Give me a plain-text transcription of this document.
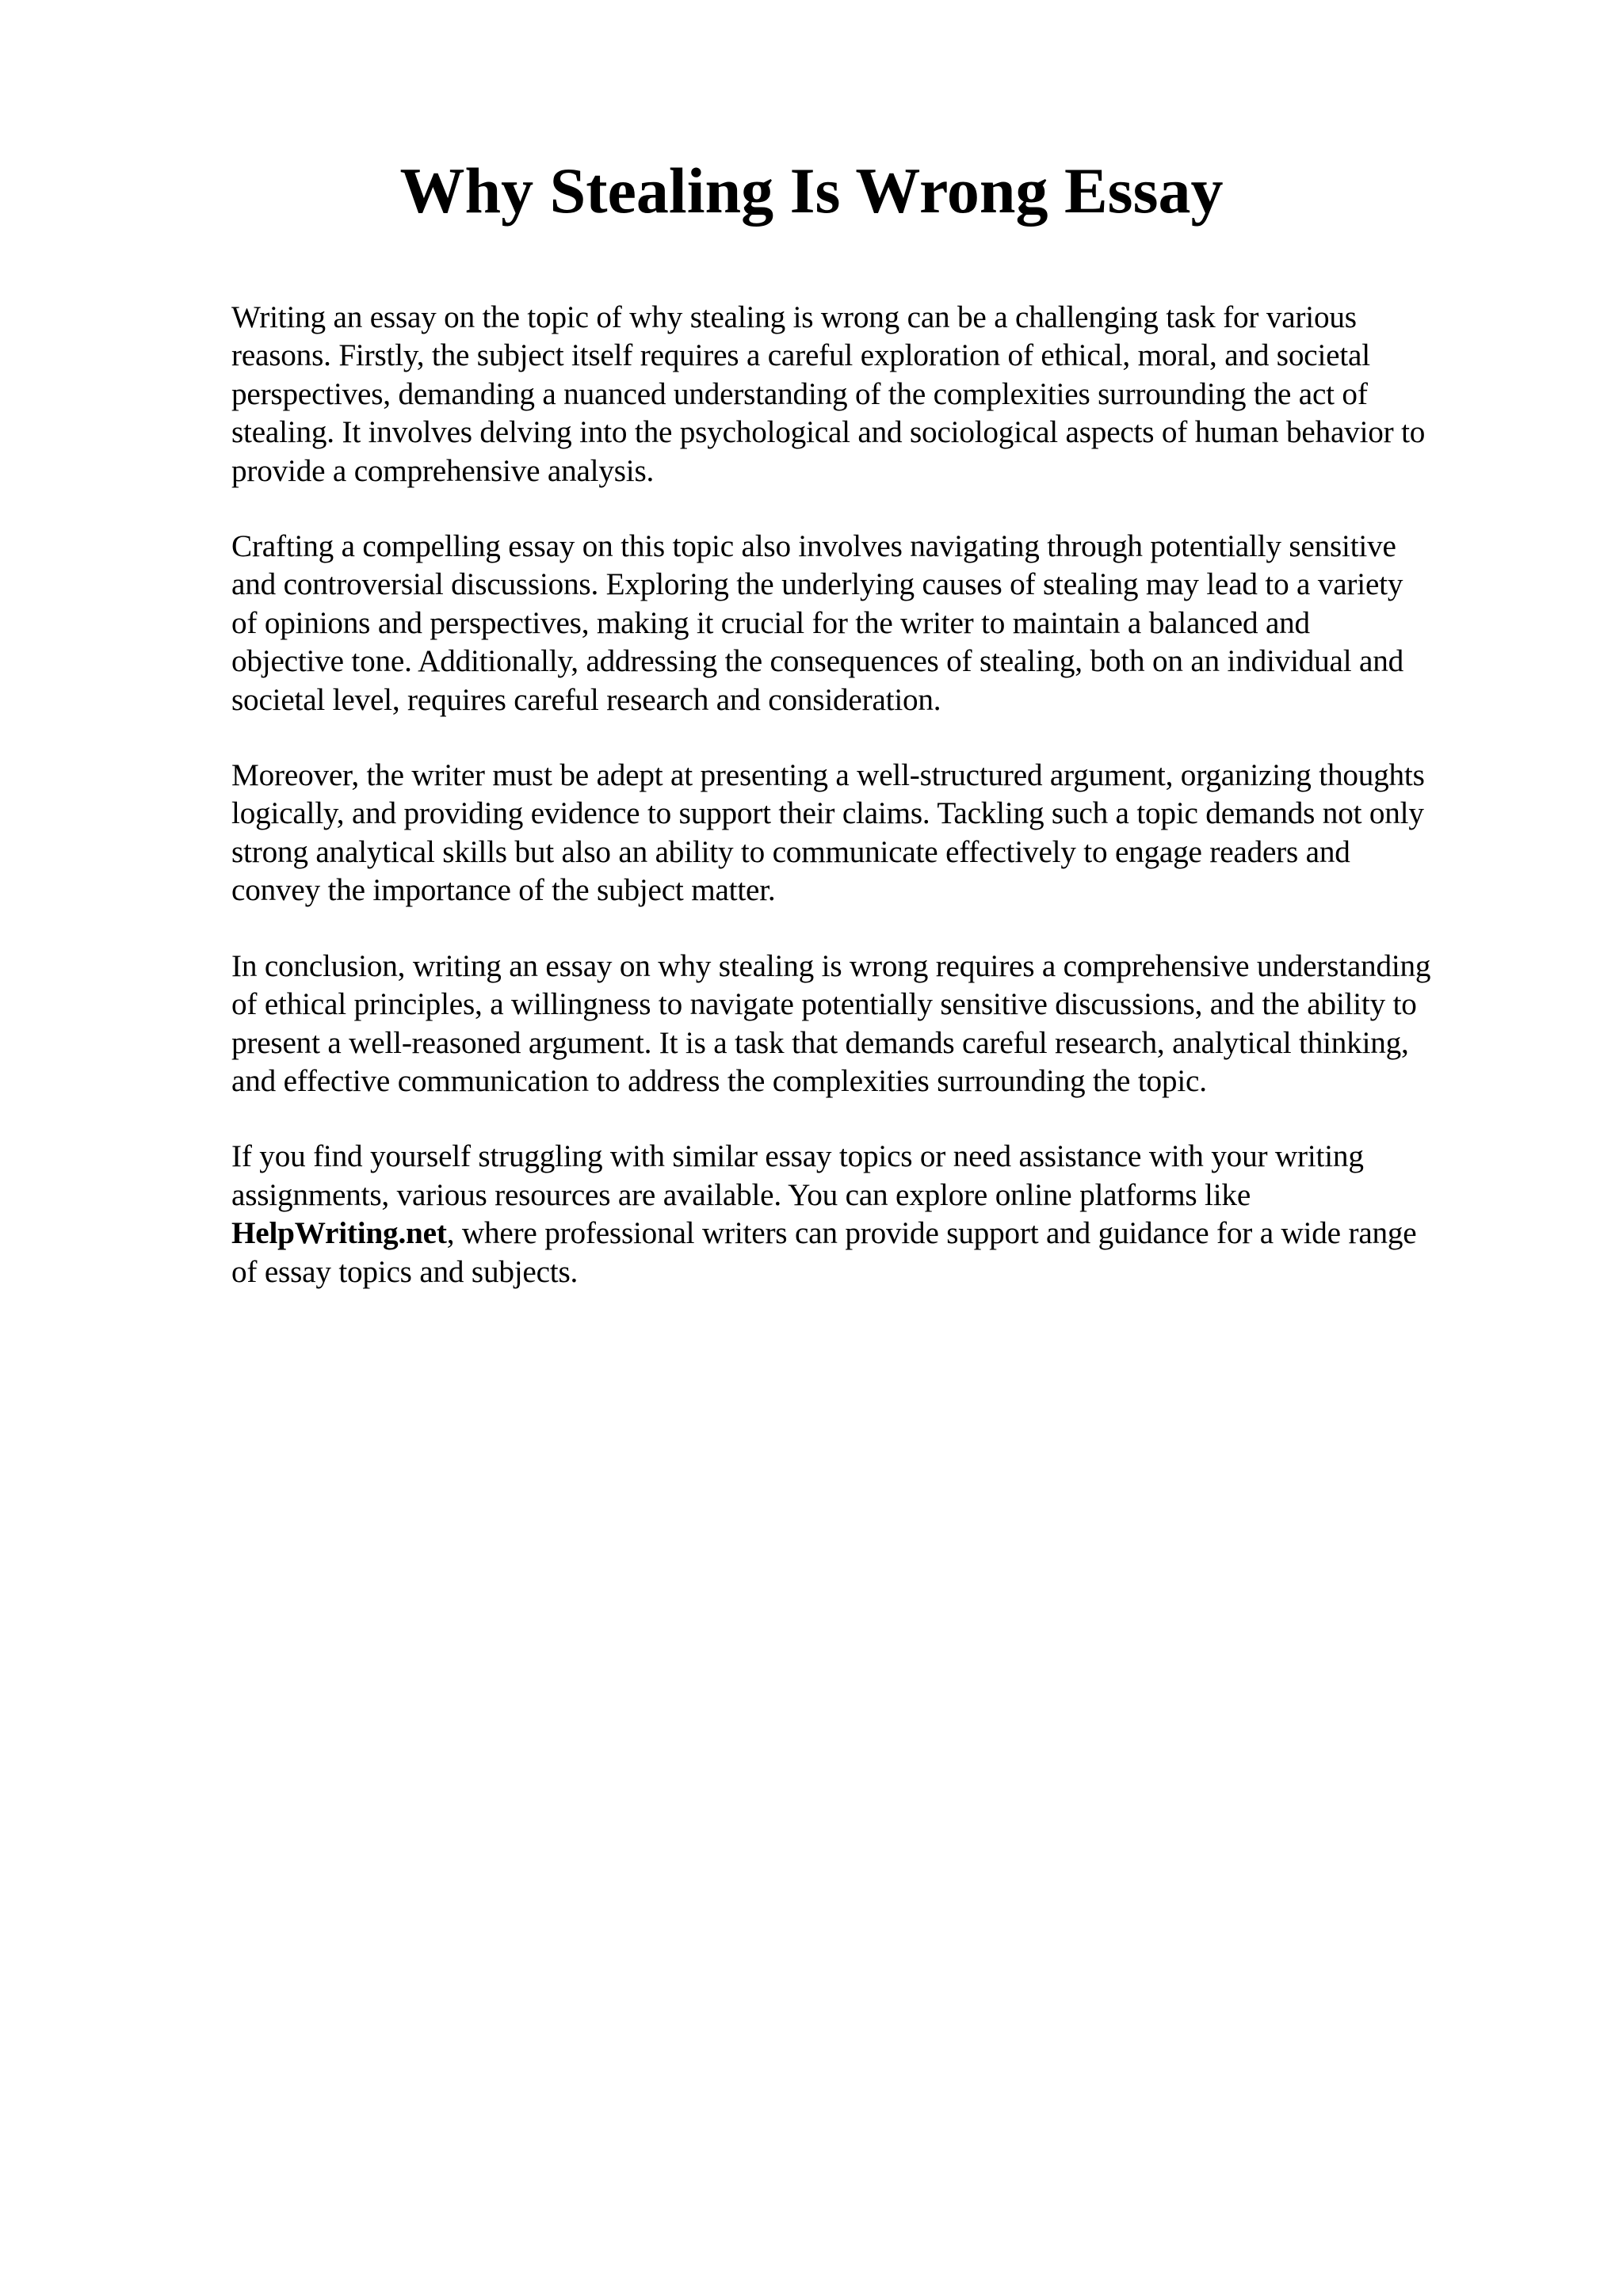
Why Stealing Is Wrong Essay

Writing an essay on the topic of why stealing is wrong can be a challenging task for various
reasons. Firstly, the subject itself requires a careful exploration of ethical, moral, and societal
perspectives, demanding a nuanced understanding of the complexities surrounding the act of
stealing. It involves delving into the psychological and sociological aspects of human behavior to
provide a comprehensive analysis.

Crafting a compelling essay on this topic also involves navigating through potentially sensitive
and controversial discussions. Exploring the underlying causes of stealing may lead to a variety
of opinions and perspectives, making it crucial for the writer to maintain a balanced and
objective tone. Additionally, addressing the consequences of stealing, both on an individual and
societal level, requires careful research and consideration.

Moreover, the writer must be adept at presenting a well-structured argument, organizing thoughts
logically, and providing evidence to support their claims. Tackling such a topic demands not only
strong analytical skills but also an ability to communicate effectively to engage readers and
convey the importance of the subject matter.

In conclusion, writing an essay on why stealing is wrong requires a comprehensive understanding
of ethical principles, a willingness to navigate potentially sensitive discussions, and the ability to
present a well-reasoned argument. It is a task that demands careful research, analytical thinking,
and effective communication to address the complexities surrounding the topic.

If you find yourself struggling with similar essay topics or need assistance with your writing
assignments, various resources are available. You can explore online platforms like
HelpWriting.net, where professional writers can provide support and guidance for a wide range
of essay topics and subjects.
